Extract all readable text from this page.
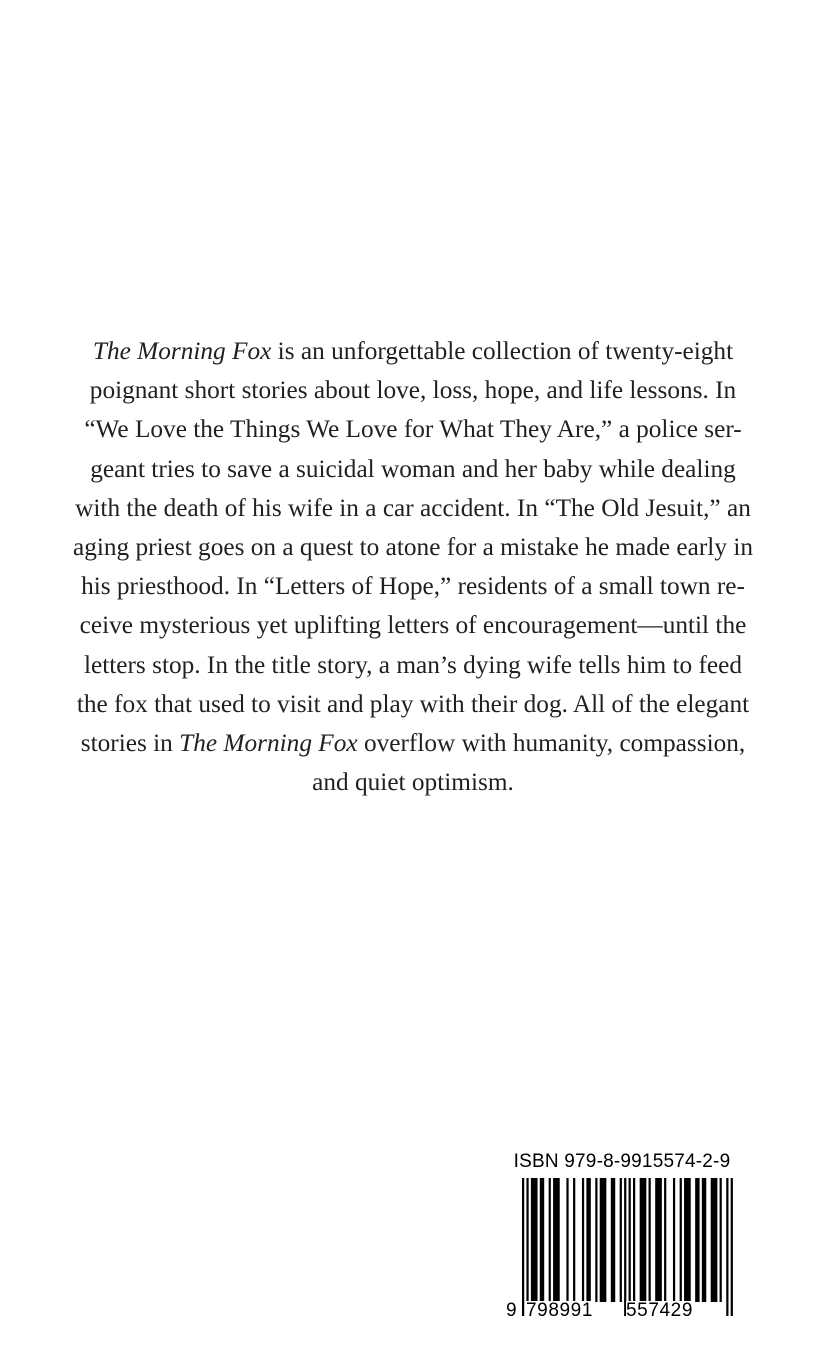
The Morning Fox is an unforgettable collection of twenty-eight
poignant short stories about love, loss, hope, and life lessons. In
“We Love the Things We Love for What They Are,” a police ser-
geant tries to save a suicidal woman and her baby while dealing
with the death of his wife in a car accident. In “The Old Jesuit,” an
aging priest goes on a quest to atone for a mistake he made early in
his priesthood. In “Letters of Hope,” residents of a small town re-
ceive mysterious yet uplifting letters of encouragement—until the
letters stop. In the title story, a man’s dying wife tells him to feed
the fox that used to visit and play with their dog. All of the elegant
stories in The Morning Fox overflow with humanity, compassion,
and quiet optimism.
ISBN 979-8-9915574-2-9
9 798991 557429
